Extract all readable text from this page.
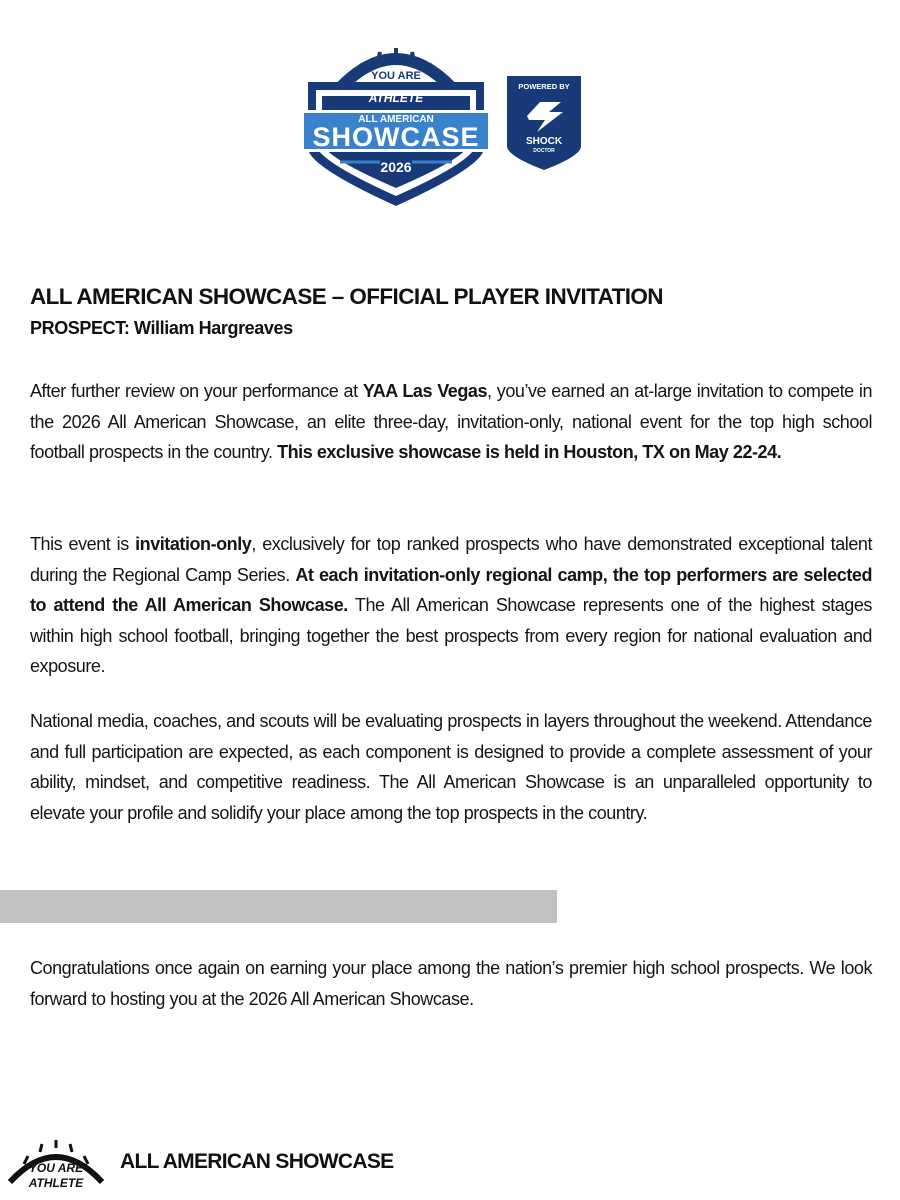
YOU ARE
ATHLETE
ALL AMERICAN
SHOWCASE
2026
POWERED BY
SHOCK
DOCTOR
ALL AMERICAN SHOWCASE – OFFICIAL PLAYER INVITATION
PROSPECT: William Hargreaves
After further review on your performance at YAA Las Vegas, you’ve earned an at-large invitation to compete in the 2026 All American Showcase, an elite three-day, invitation-only, national event for the top high school football prospects in the country. This exclusive showcase is held in Houston, TX on May 22-24.
This event is invitation-only, exclusively for top ranked prospects who have demonstrated exceptional talent during the Regional Camp Series. At each invitation-only regional camp, the top performers are selected to attend the All American Showcase. The All American Showcase represents one of the highest stages within high school football, bringing together the best prospects from every region for national evaluation and exposure.
National media, coaches, and scouts will be evaluating prospects in layers throughout the weekend. Attendance and full participation are expected, as each component is designed to provide a complete assessment of your ability, mindset, and competitive readiness. The All American Showcase is an unparalleled opportunity to elevate your profile and solidify your place among the top prospects in the country.
Congratulations once again on earning your place among the nation’s premier high school prospects. We look forward to hosting you at the 2026 All American Showcase.
YOU ARE
ATHLETE
ALL AMERICAN SHOWCASE
